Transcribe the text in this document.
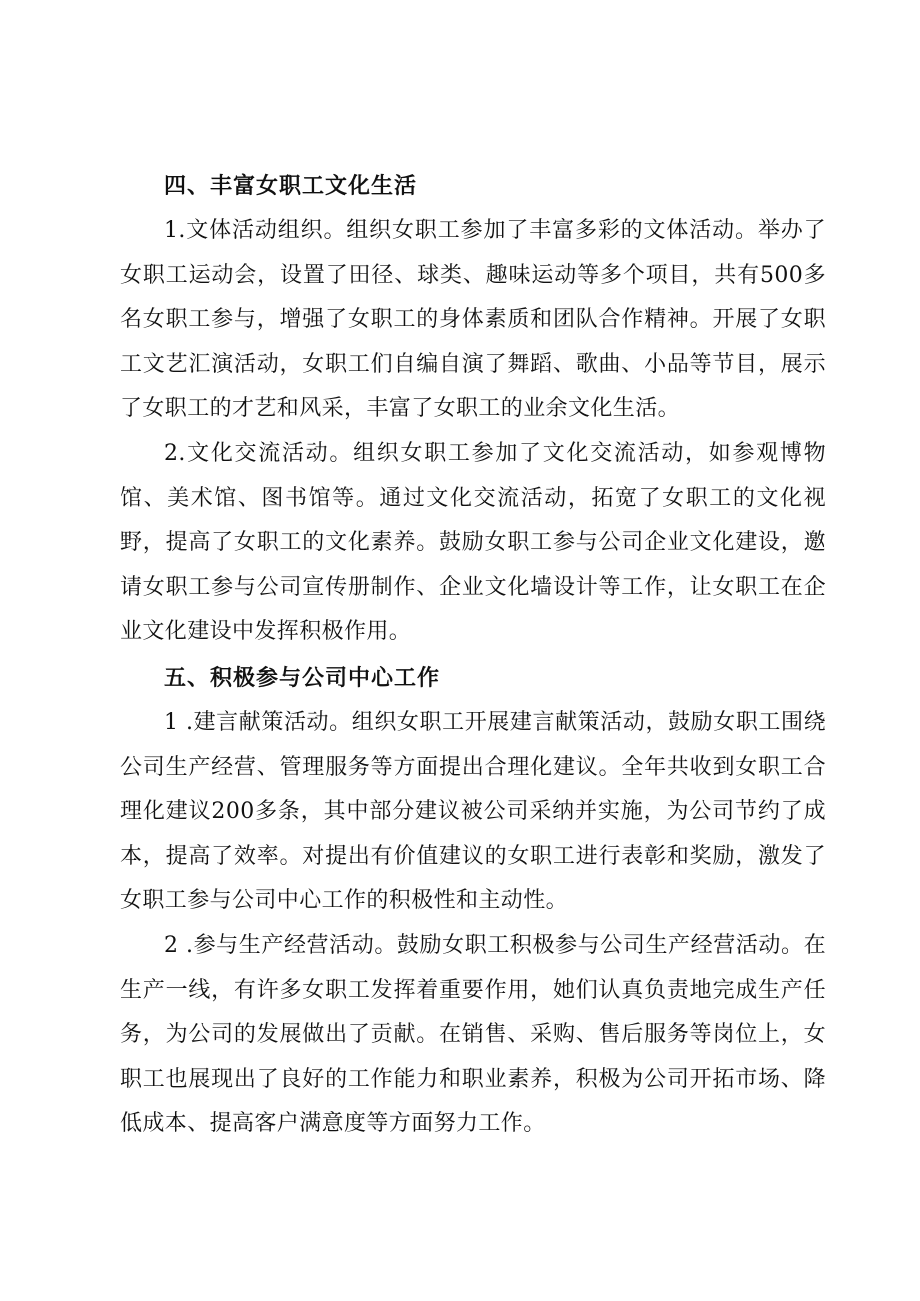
四、丰富女职工文化生活

1.文体活动组织。组织女职工参加了丰富多彩的文体活动。举办了女职工运动会，设置了田径、球类、趣味运动等多个项目，共有500多名女职工参与，增强了女职工的身体素质和团队合作精神。开展了女职工文艺汇演活动，女职工们自编自演了舞蹈、歌曲、小品等节目，展示了女职工的才艺和风采，丰富了女职工的业余文化生活。

2.文化交流活动。组织女职工参加了文化交流活动，如参观博物馆、美术馆、图书馆等。通过文化交流活动，拓宽了女职工的文化视野，提高了女职工的文化素养。鼓励女职工参与公司企业文化建设，邀请女职工参与公司宣传册制作、企业文化墙设计等工作，让女职工在企业文化建设中发挥积极作用。

五、积极参与公司中心工作

1 .建言献策活动。组织女职工开展建言献策活动，鼓励女职工围绕公司生产经营、管理服务等方面提出合理化建议。全年共收到女职工合理化建议200多条，其中部分建议被公司采纳并实施，为公司节约了成本，提高了效率。对提出有价值建议的女职工进行表彰和奖励，激发了女职工参与公司中心工作的积极性和主动性。

2 .参与生产经营活动。鼓励女职工积极参与公司生产经营活动。在生产一线，有许多女职工发挥着重要作用，她们认真负责地完成生产任务，为公司的发展做出了贡献。在销售、采购、售后服务等岗位上，女职工也展现出了良好的工作能力和职业素养，积极为公司开拓市场、降低成本、提高客户满意度等方面努力工作。
